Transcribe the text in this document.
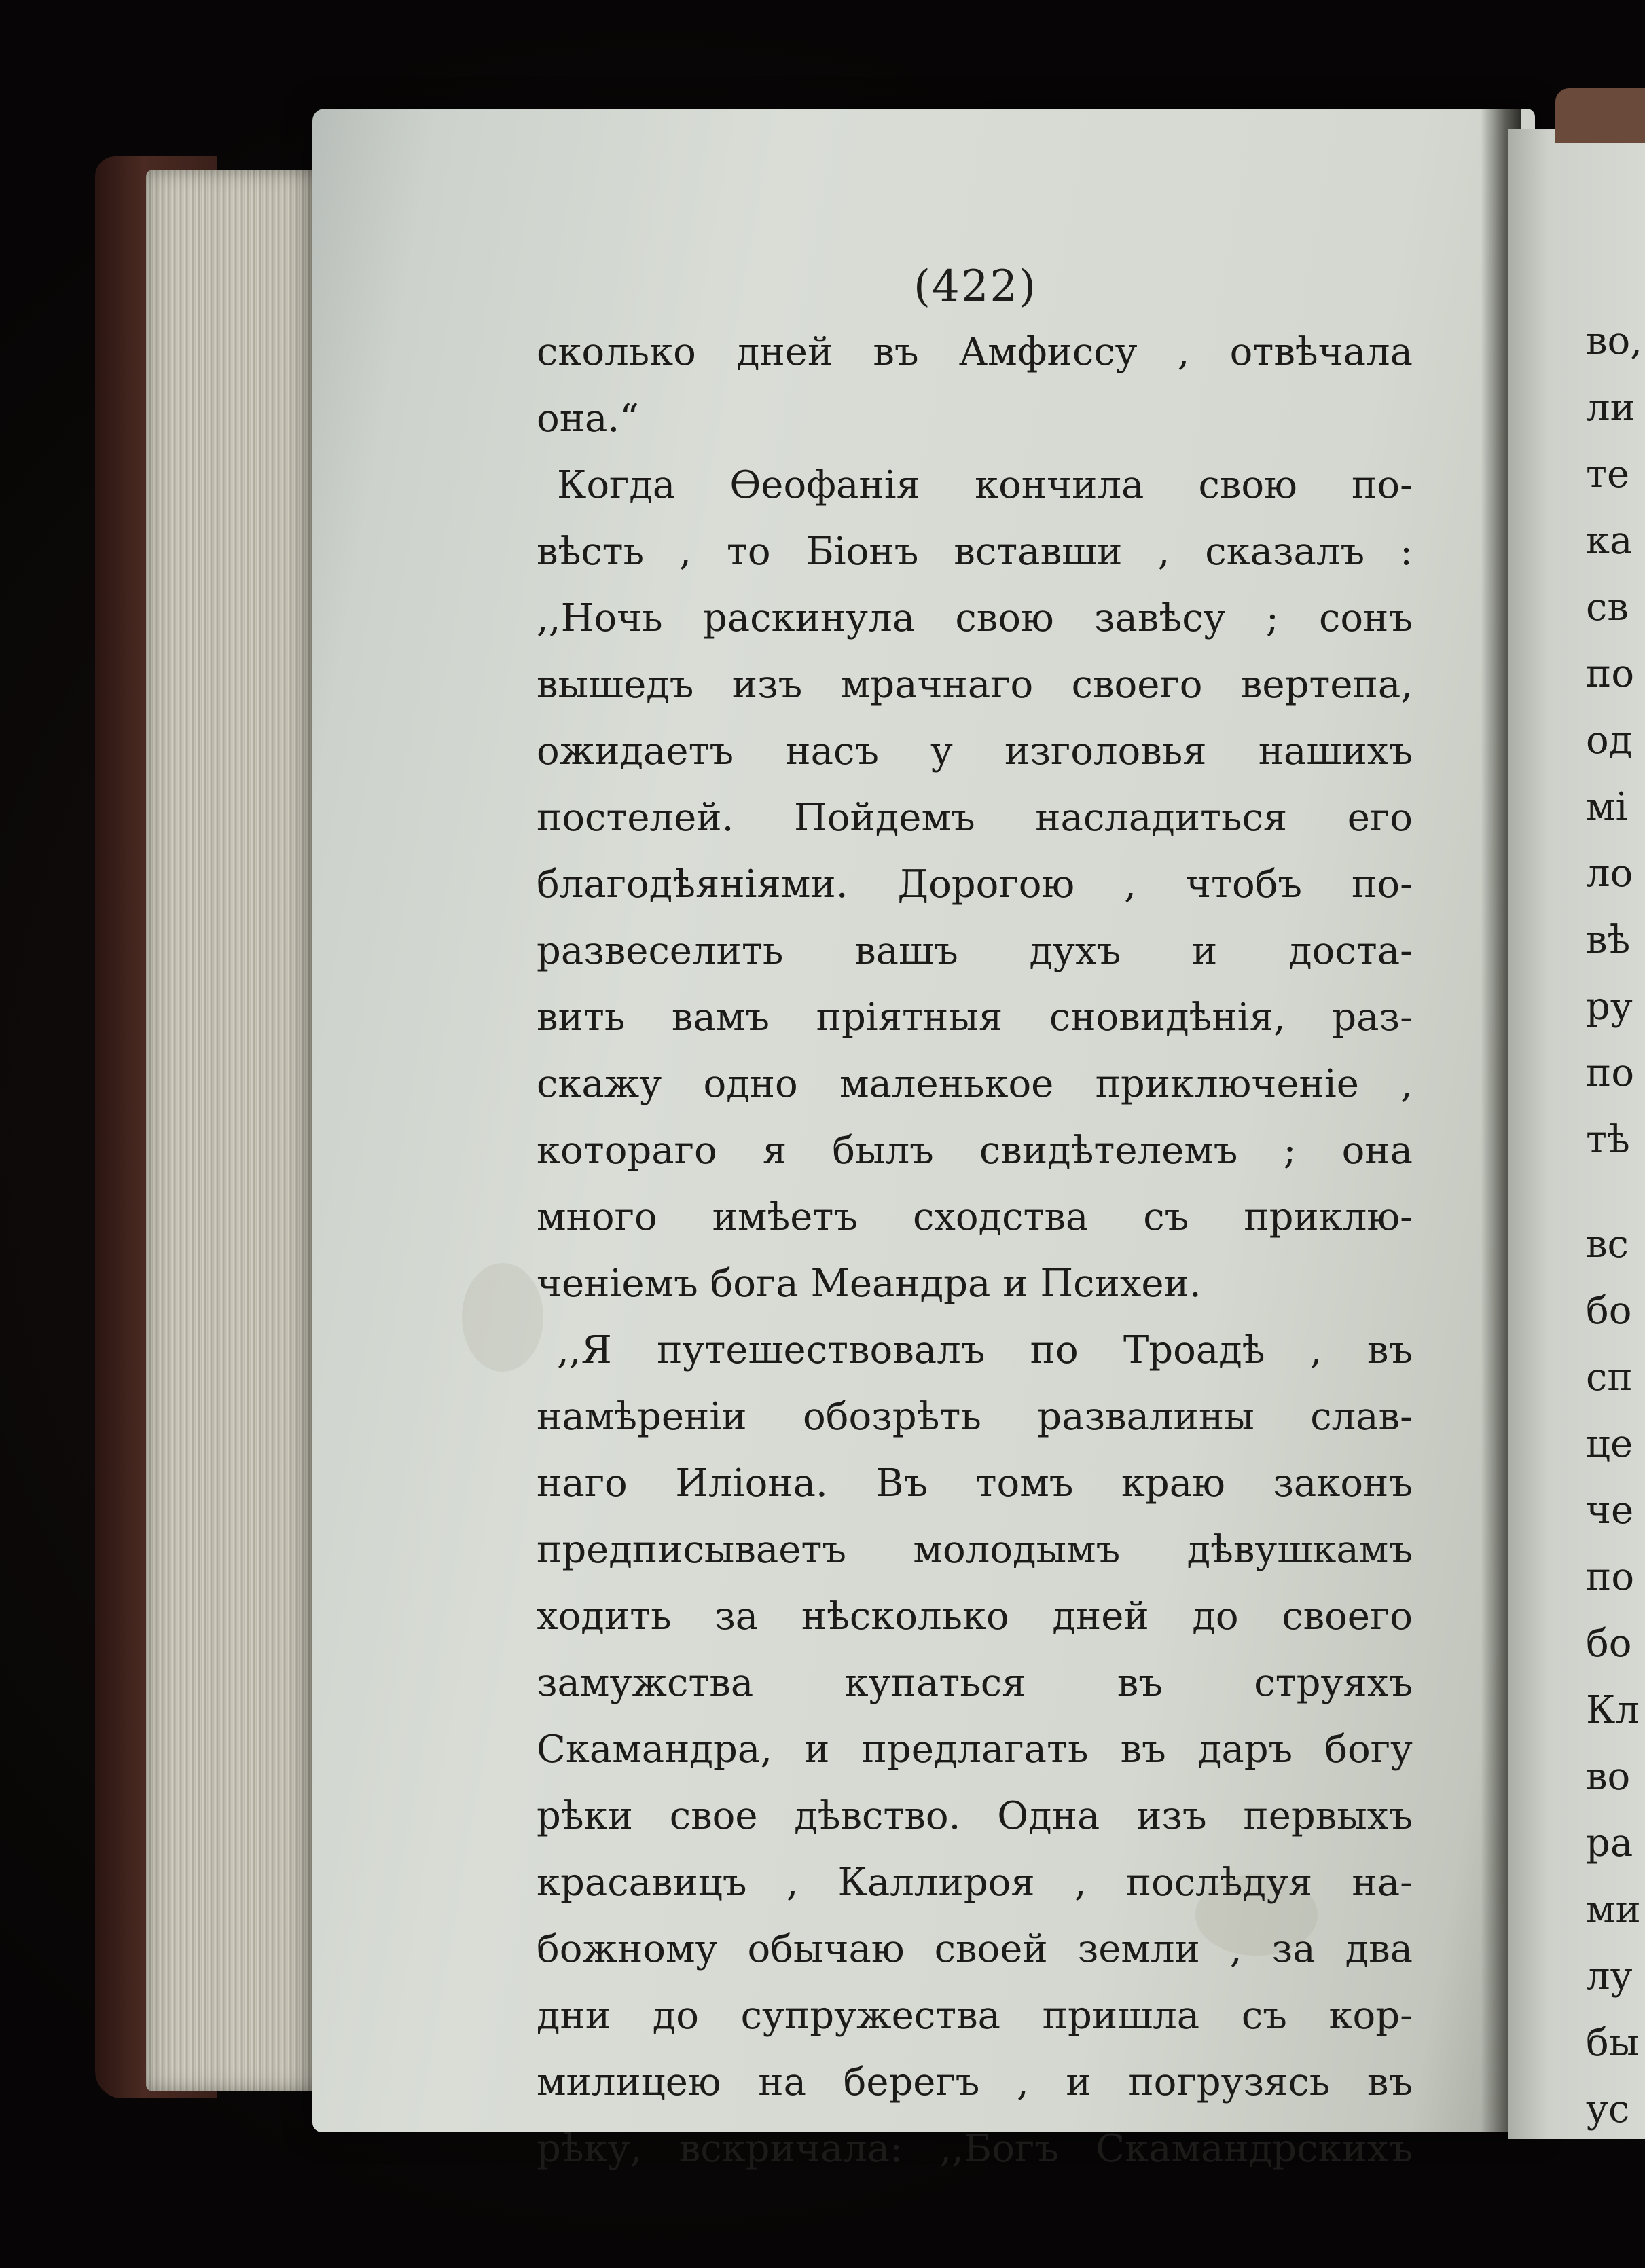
(422)
сколько дней въ Амфиссу , отвѣчала
она.“
Когда Ѳеофанія кончила свою по-
вѣсть , то Біонъ вставши , сказалъ :
,,Ночь раскинула свою завѣсу ; сонъ
вышедъ изъ мрачнаго своего вертепа,
ожидаетъ насъ у изголовья нашихъ
постелей. Пойдемъ насладиться его
благодѣяніями. Дорогою , чтобъ по-
развеселить вашъ духъ и доста-
вить вамъ пріятныя сновидѣнія, раз-
скажу одно маленькое приключеніе ,
котораго я былъ свидѣтелемъ ; она
много имѣетъ сходства съ приклю-
ченіемъ бога Меандра и Психеи.
,,Я путешествовалъ по Троадѣ , въ
намѣреніи обозрѣть развалины слав-
наго Иліона. Въ томъ краю законъ
предписываетъ молодымъ дѣвушкамъ
ходить за нѣсколько дней до своего
замужства купаться въ струяхъ
Скамандра, и предлагать въ даръ богу
рѣки свое дѣвство. Одна изъ первыхъ
красавицъ , Каллироя , послѣдуя на-
божному обычаю своей земли , за два
дни до супружества пришла съ кор-
милицею на берегъ , и погрузясь въ
рѣку, вскричала: ,,Богъ Скамандрскихъ
во,
ли
те
ка
св
по
од
мі
ло
вѣ
ру
по
тѣ
вс
бо
сп
це
че
по
бо
Кл
во
ра
ми
лу
бы
ус
